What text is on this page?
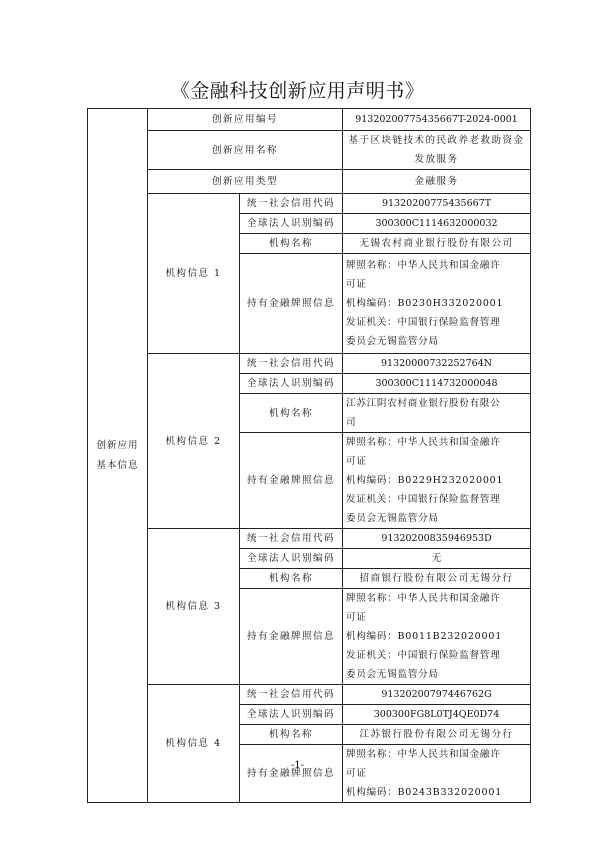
《金融科技创新应用声明书》
创新应用基本信息	创新应用编号		91320200775435667T-2024-0001
	创新应用名称		基于区块链技术的民政养老救助资金发放服务
	创新应用类型		金融服务
	机构信息 1	统一社会信用代码	91320200775435667T
		全球法人识别编码	300300C1114632000032
		机构名称	无锡农村商业银行股份有限公司
		持有金融牌照信息	牌照名称：中华人民共和国金融许
可证
机构编码：B0230H332020001
发证机关：中国银行保险监督管理
委员会无锡监管分局

	机构信息 2	统一社会信用代码	91320000732252764N
		全球法人识别编码	300300C1114732000048
		机构名称	江苏江阴农村商业银行股份有限公
司

		持有金融牌照信息	牌照名称：中华人民共和国金融许
可证
机构编码：B0229H232020001
发证机关：中国银行保险监督管理
委员会无锡监管分局

	机构信息 3	统一社会信用代码	91320200835946953D
		全球法人识别编码	无
		机构名称	招商银行股份有限公司无锡分行
		持有金融牌照信息	牌照名称：中华人民共和国金融许
可证
机构编码：B0011B232020001
发证机关：中国银行保险监督管理
委员会无锡监管分局

	机构信息 4	统一社会信用代码	91320200797446762G
		全球法人识别编码	300300FG8L0TJ4QE0D74
		机构名称	江苏银行股份有限公司无锡分行
		持有金融牌照信息	牌照名称：中华人民共和国金融许
可证
机构编码：B0243B332020001
-1-
